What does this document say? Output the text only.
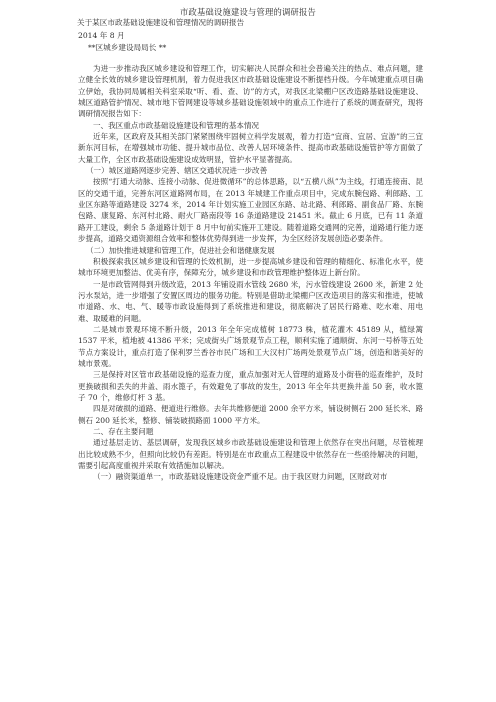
市政基础设施建设与管理的调研报告
关于某区市政基础设施建设和管理情况的调研报告
2014 年 8 月
**区城乡建设局局长 **

为进一步推动我区城乡建设和管理工作，切实解决人民群众和社会普遍关注的热点、难点问题，建立健全长效的城乡建设管理机制，着力促进我区市政基础设施建设不断提档升级。今年城建重点项目确立伊始，我协同局属相关科室采取“听、看、查、访”的方式，对我区北梁棚户区改造路基础设施建设、城区道路管护情况、城市地下管网建设等城乡基础设施领域中的重点工作进行了系统的调查研究，现将调研情况报告如下：

一、我区重点市政基础设施建设和管理的基本情况

近年来，区政府及其相关部门紧紧围绕牢固树立科学发展观，着力打造“宜商、宜居、宜游”的三宜新东河目标，在增强城市功能、提升城市品位、改善人居环境条件、提高市政基础设施管护等方面做了大量工作，全区市政基础设施建设成效明显，管护水平显著提高。

（一）城区道路网逐步完善、辖区交通状况进一步改善

按照“打通大动脉、连接小动脉、促进微循环”的总体思路，以“五横八纵”为主线，打通连接南、昆区的交通干道，完善东河区道路网布局，在 2013 年城建工作重点项目中，完成东腕包路、利郎路、工业区东路等道路建设 3274 米，2014 年计划实施工业园区东路、站北路、利郎路、副食品厂路、东腕包路、康复路、东河村北路、耐火厂路南段等 16 条道路建设 21451 米。截止 6 月底，已有 11 条道路开工建设，剩余 5 条道路计划于 8 月中旬前实施开工建设。随着道路交通网的完善，道路通行能力逐步提高，道路交通资源组合效率和整体优势得到进一步发挥，为全区经济发展创造必要条件。

（二）加快推进城建和管理工作，促进社会和谐健康发展

积极探索我区城乡建设和管理的长效机制，进一步提高城乡建设和管理的精细化、标准化水平，使城市环境更加整洁、优美有序，保障充分，城乡建设和市政管理维护整体迈上新台阶。

一是市政管网得到升级改造，2013 年铺设雨水管线 2680 米，污水管线建设 2600 米，新建 2 处污水泵站，进一步增强了安置区周边的服务功能。特别是借助北梁棚户区改造项目的落实和推进，使城市道路、水、电、气、暖等市政设施得到了系统推进和建设，彻底解决了居民行路难、吃水难、用电难、取暖难的问题。

二是城市景观环境不断升级，2013 年全年完成植树 18773 株，植花灌木 45189 从，植绿篱 1537 平米，植地被 41386 平米；完成街头广场景观节点工程，顺利实施了通顺街、东河一号桥等五处节点方案设计，重点打造了保利罗兰香谷市民广场和工大汉村广场两处景观节点广场，创造和谐美好的城市景观。

三是保持对区管市政基础设施的巡查力度，重点加强对无人管理的道路及小街巷的巡查维护，及时更换破损和丢失的井盖、雨水篦子，有效避免了事故的发生，2013 年全年共更换井盖 50 套，收水篦子 70 个，维修灯杆 3 基。

四是对破损的道路、便道进行维修。去年共维修便道 2000 余平方米，铺设树侧石 200 延长米、路侧石 200 延长米，整修、铺装破损路面 1000 平方米。

二、存在主要问题

通过基层走访、基层调研，发现我区城乡市政基础设施建设和管理上依然存在突出问题，尽管梳理出比较成熟不少，但照向比较仍有差距。特别是在市政重点工程建设中依然存在一些亟待解决的问题，需要引起高度重视并采取有效措施加以解决。

（一）融资渠道单一，市政基础设施建设资金严重不足。由于我区财力问题，区财政对市
